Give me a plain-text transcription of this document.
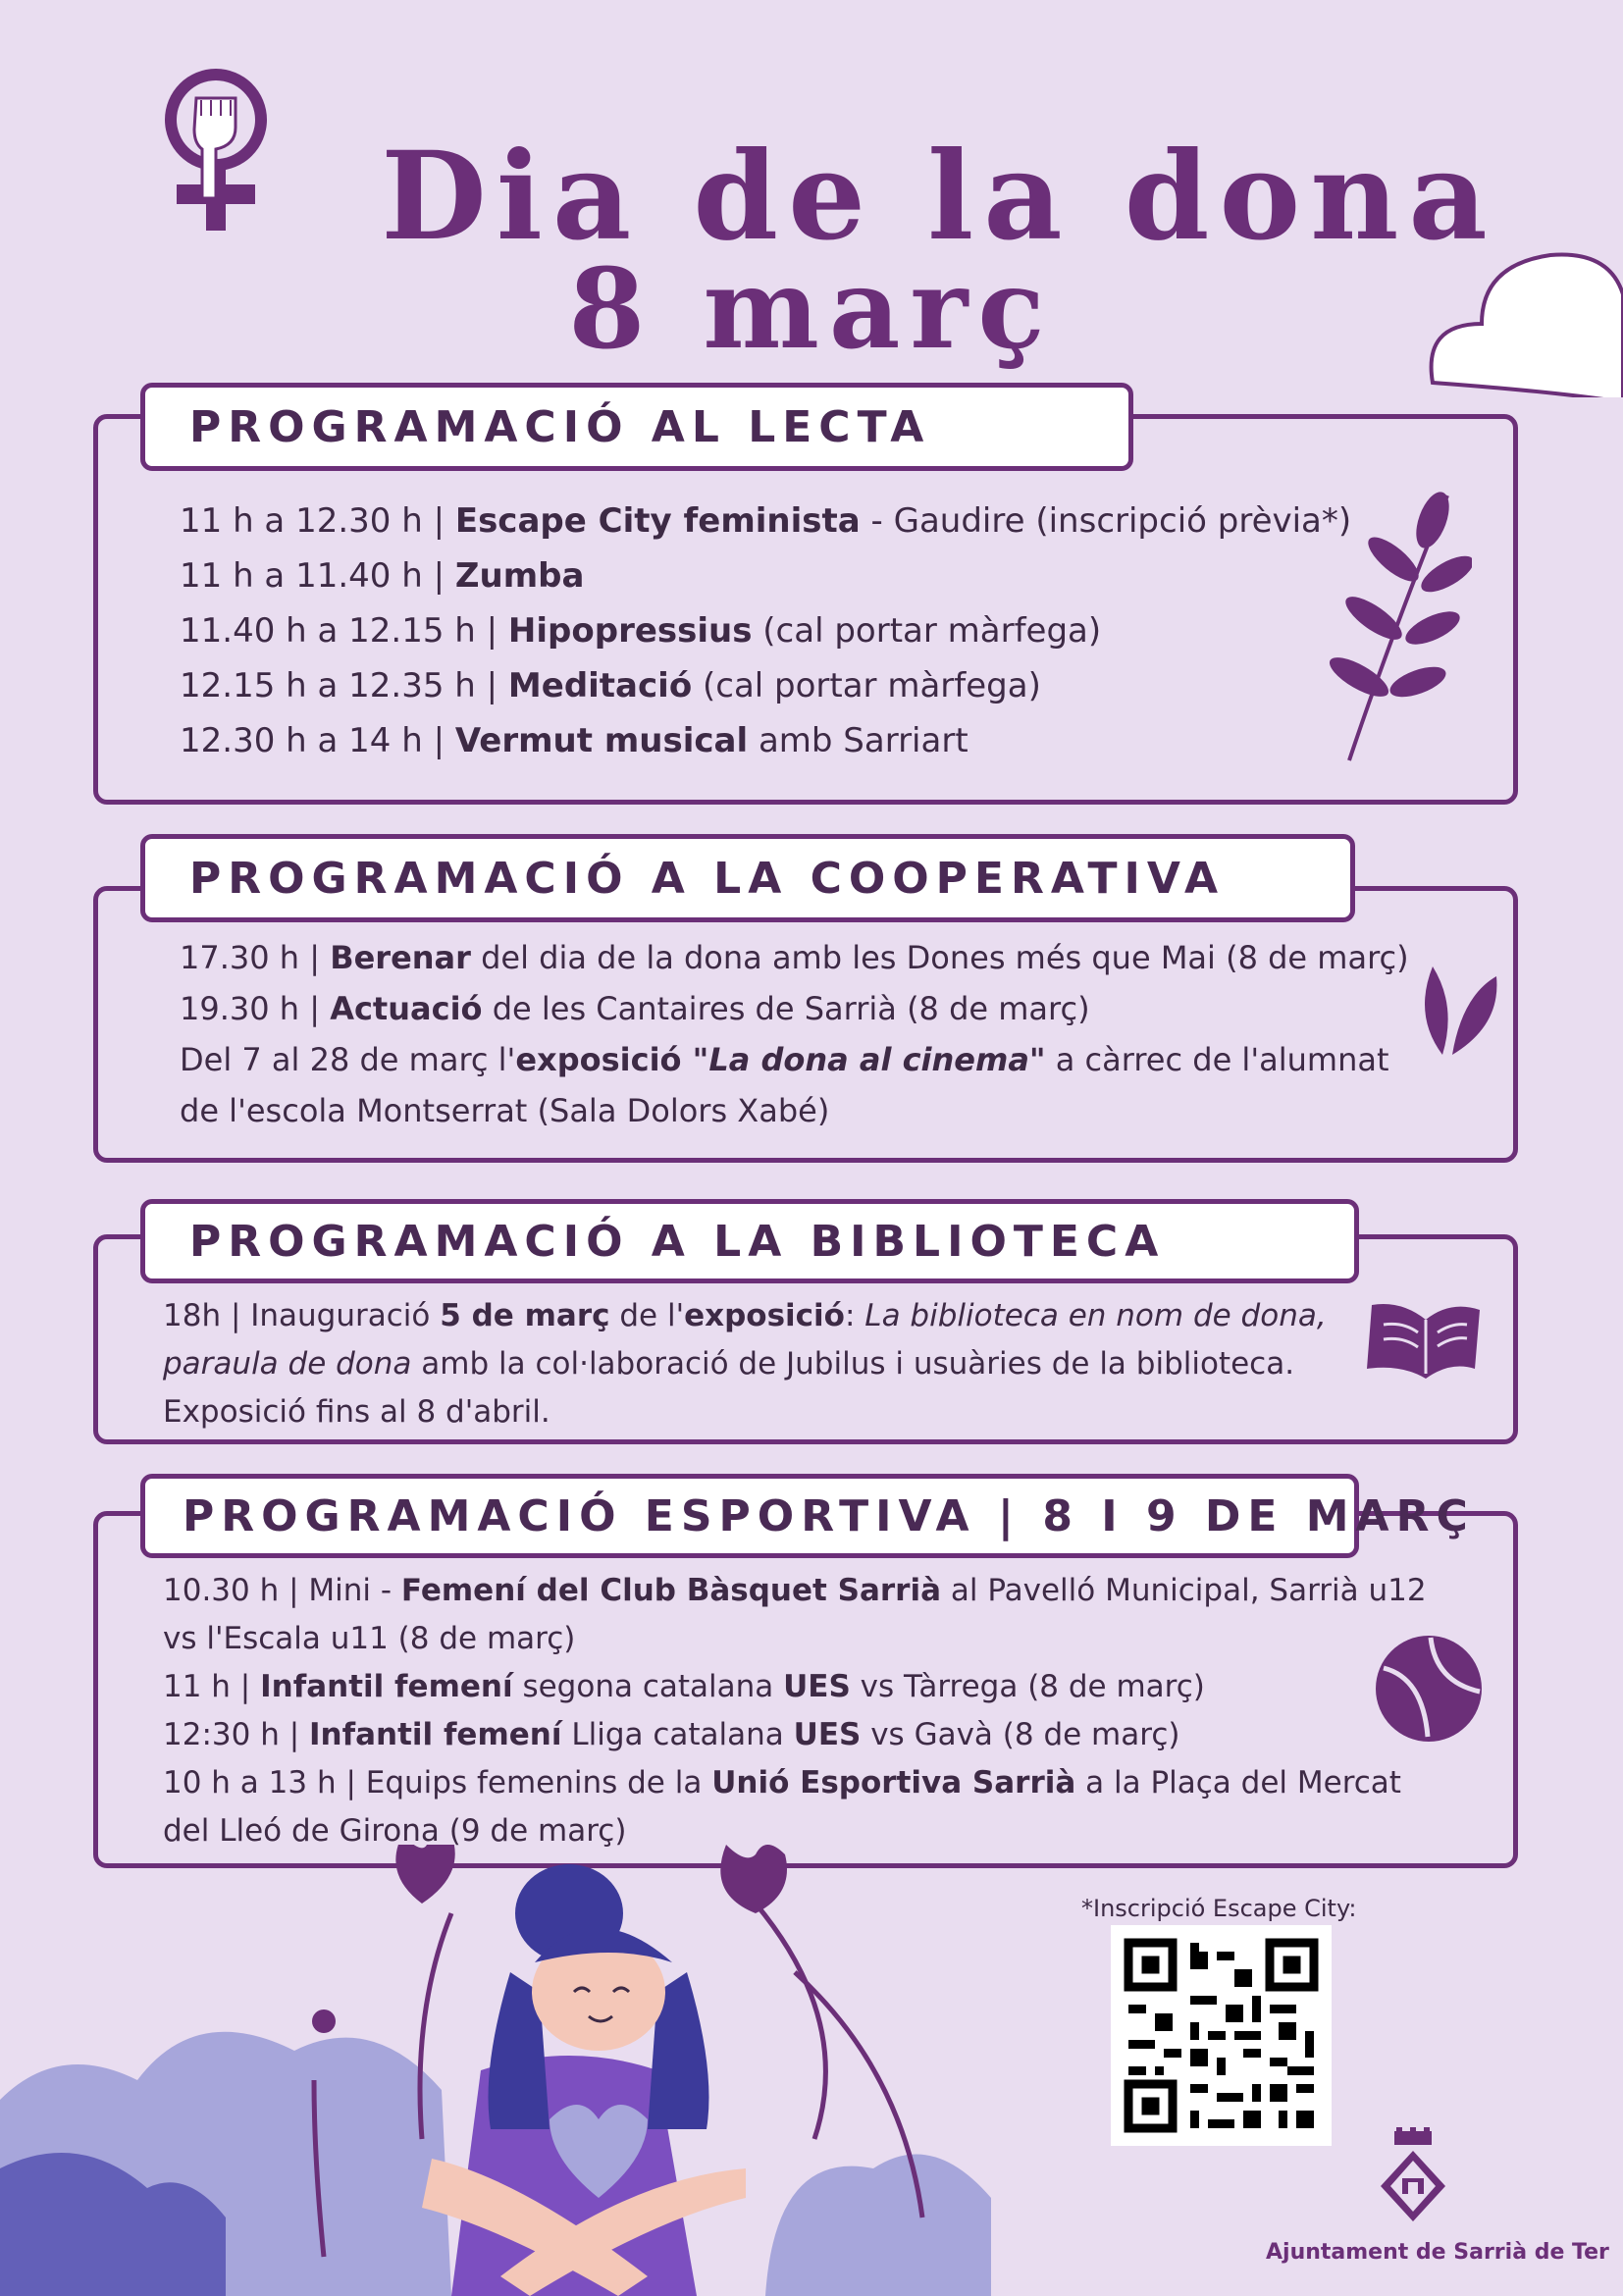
Dia de la dona
8 març
PROGRAMACIÓ AL LECTA
11 h a 12.30 h | Escape City feminista - Gaudire (inscripció prèvia*)
11 h a 11.40 h | Zumba
11.40 h a 12.15 h | Hipopressius (cal portar màrfega)
12.15 h a 12.35 h | Meditació (cal portar màrfega)
12.30 h a 14 h | Vermut musical amb Sarriart
PROGRAMACIÓ A LA COOPERATIVA
17.30 h | Berenar del dia de la dona amb les Dones més que Mai (8 de març)
19.30 h | Actuació de les Cantaires de Sarrià (8 de març)
Del 7 al 28 de març l'exposició "La dona al cinema" a càrrec de l'alumnat
de l'escola Montserrat (Sala Dolors Xabé)
PROGRAMACIÓ A LA BIBLIOTECA
18h | Inauguració 5 de març de l'exposició: La biblioteca en nom de dona,
paraula de dona amb la col·laboració de Jubilus i usuàries de la biblioteca.
Exposició fins al 8 d'abril.
PROGRAMACIÓ ESPORTIVA | 8 I 9 DE MARÇ
10.30 h | Mini - Femení del Club Bàsquet Sarrià al Pavelló Municipal, Sarrià u12
vs l'Escala u11 (8 de març)
11 h | Infantil femení segona catalana UES vs Tàrrega (8 de març)
12:30 h | Infantil femení Lliga catalana UES vs Gavà (8 de març)
10 h a 13 h | Equips femenins de la Unió Esportiva Sarrià a la Plaça del Mercat
del Lleó de Girona (9 de març)
*Inscripció Escape City:
Ajuntament de Sarrià de Ter
